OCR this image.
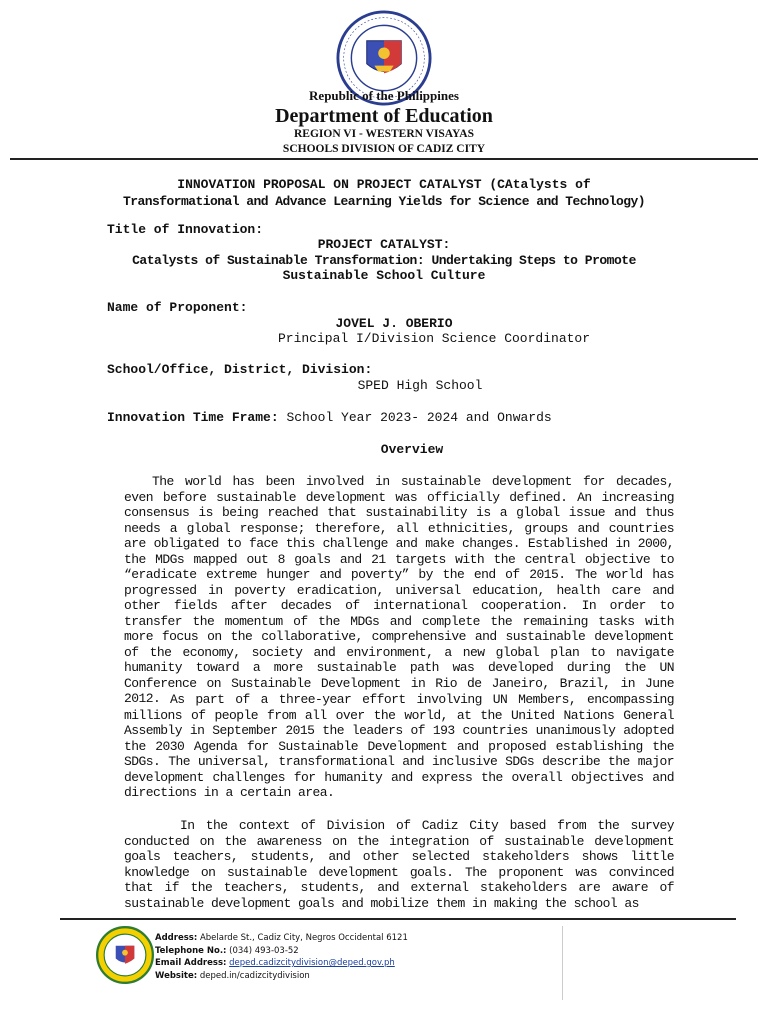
Republic of the Philippines
Department of Education
REGION VI - WESTERN VISAYAS
SCHOOLS DIVISION OF CADIZ CITY
INNOVATION PROPOSAL ON PROJECT CATALYST (CAtalysts of
Transformational and Advance Learning Yields for Science and Technology)
Title of Innovation:
PROJECT CATALYST:
Catalysts of Sustainable Transformation: Undertaking Steps to Promote
Sustainable School Culture
Name of Proponent:
JOVEL J. OBERIO
Principal I/Division Science Coordinator
School/Office, District, Division:
SPED High School
Innovation Time Frame: School Year 2023- 2024 and Onwards
Overview

The world has been involved in sustainable development for decades, even before sustainable development was officially defined. An increasing consensus is being reached that sustainability is a global issue and thus needs a global response; therefore, all ethnicities, groups and countries are obligated to face this challenge and make changes. Established in 2000, the MDGs mapped out 8 goals and 21 targets with the central objective to “eradicate extreme hunger and poverty” by the end of 2015. The world has progressed in poverty eradication, universal education, health care and other fields after decades of international cooperation. In order to transfer the momentum of the MDGs and complete the remaining tasks with more focus on the collaborative, comprehensive and sustainable development of the economy, society and environment, a new global plan to navigate humanity toward a more sustainable path was developed during the UN Conference on Sustainable Development in Rio de Janeiro, Brazil, in June 2012. As part of a three-year effort involving UN Members, encompassing millions of people from all over the world, at the United Nations General Assembly in September 2015 the leaders of 193 countries unanimously adopted the 2030 Agenda for Sustainable Development and proposed establishing the SDGs. The universal, transformational and inclusive SDGs describe the major development challenges for humanity and express the overall objectives and directions in a certain area.

In the context of Division of Cadiz City based from the survey conducted on the awareness on the integration of sustainable development goals teachers, students, and other selected stakeholders shows little knowledge on sustainable development goals. The proponent was convinced that if the teachers, students, and external stakeholders are aware of sustainable development goals and mobilize them in making the school as

Address: Abelarde St., Cadiz City, Negros Occidental 6121
Telephone No.: (034) 493-03-52
Email Address: deped.cadizcitydivision@deped.gov.ph
Website: deped.in/cadizcitydivision
